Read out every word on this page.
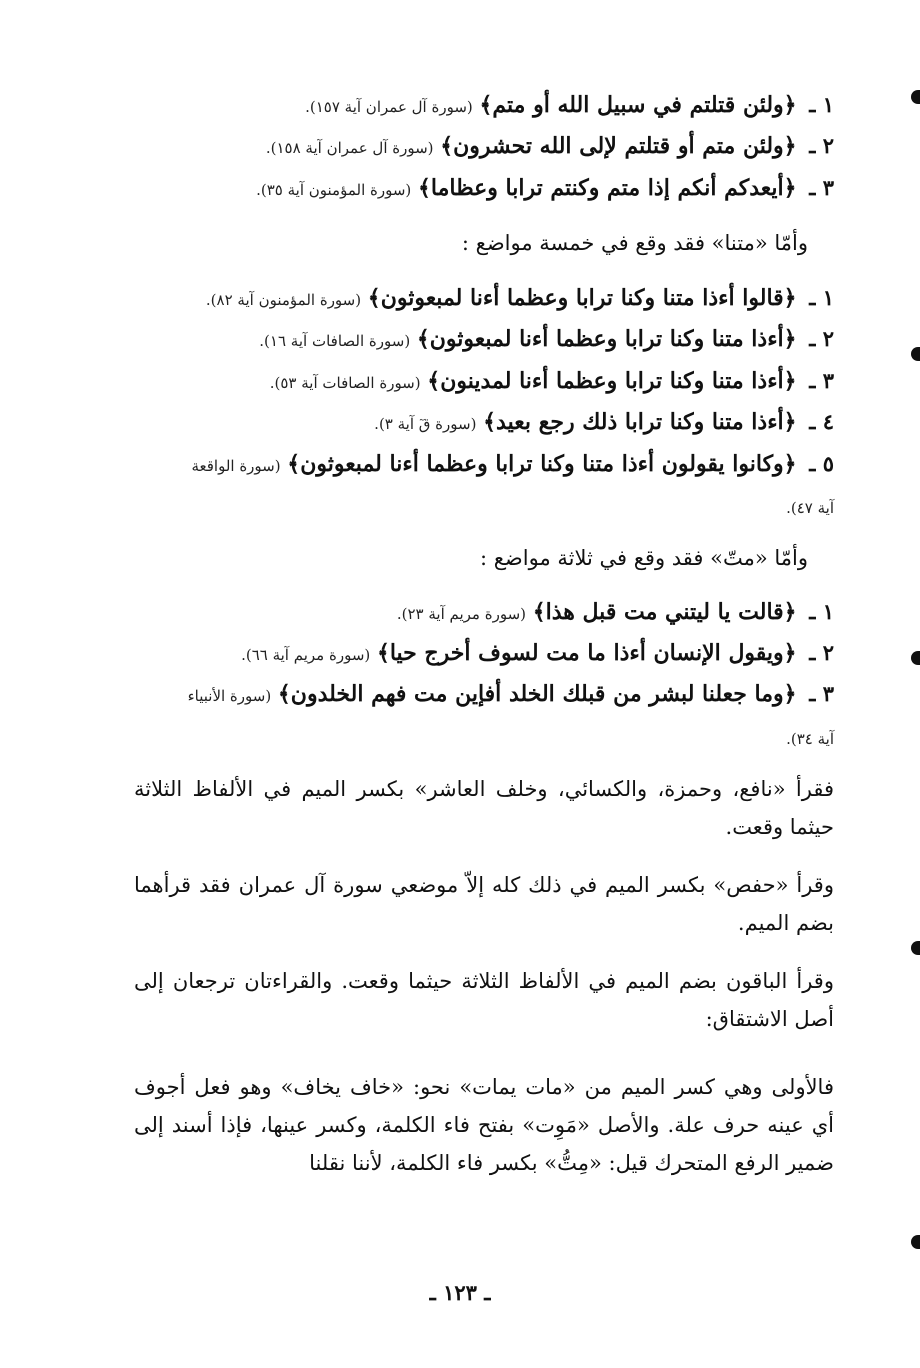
١ ـ ﴿ولئن قتلتم في سبيل الله أو متم﴾ (سورة آل عمران آية ١٥٧).
٢ ـ ﴿ولئن متم أو قتلتم لإلى الله تحشرون﴾ (سورة آل عمران آية ١٥٨).
٣ ـ ﴿أيعدكم أنكم إذا متم وكنتم ترابا وعظاما﴾ (سورة المؤمنون آية ٣٥).
وأمّا «متنا» فقد وقع في خمسة مواضع :
١ ـ ﴿قالوا أءذا متنا وكنا ترابا وعظما أءنا لمبعوثون﴾ (سورة المؤمنون آية ٨٢).
٢ ـ ﴿أءذا متنا وكنا ترابا وعظما أءنا لمبعوثون﴾ (سورة الصافات آية ١٦).
٣ ـ ﴿أءذا متنا وكنا ترابا وعظما أءنا لمدينون﴾ (سورة الصافات آية ٥٣).
٤ ـ ﴿أءذا متنا وكنا ترابا ذلك رجع بعيد﴾ (سورة قٓ آية ٣).
٥ ـ ﴿وكانوا يقولون أءذا متنا وكنا ترابا وعظما أءنا لمبعوثون﴾ (سورة الواقعة
آية ٤٧).
وأمّا «متّ» فقد وقع في ثلاثة مواضع :
١ ـ ﴿قالت يا ليتني مت قبل هذا﴾ (سورة مريم آية ٢٣).
٢ ـ ﴿ويقول الإنسان أءذا ما مت لسوف أخرج حيا﴾ (سورة مريم آية ٦٦).
٣ ـ ﴿وما جعلنا لبشر من قبلك الخلد أفإين مت فهم الخلدون﴾ (سورة الأنبياء
آية ٣٤).
فقرأ «نافع، وحمزة، والكسائي، وخلف العاشر» بكسر الميم في الألفاظ الثلاثة حيثما وقعت.
وقرأ «حفص» بكسر الميم في ذلك كله إلاّ موضعي سورة آل عمران فقد قرأهما بضم الميم.
وقرأ الباقون بضم الميم في الألفاظ الثلاثة حيثما وقعت. والقراءتان ترجعان إلى أصل الاشتقاق:
فالأولى وهي كسر الميم من «مات يمات» نحو: «خاف يخاف» وهو فعل أجوف أي عينه حرف علة. والأصل «مَوِت» بفتح فاء الكلمة، وكسر عينها، فإذا أسند إلى ضمير الرفع المتحرك قيل: «مِتُّ» بكسر فاء الكلمة، لأننا نقلنا
ـ ١٢٣ ـ
